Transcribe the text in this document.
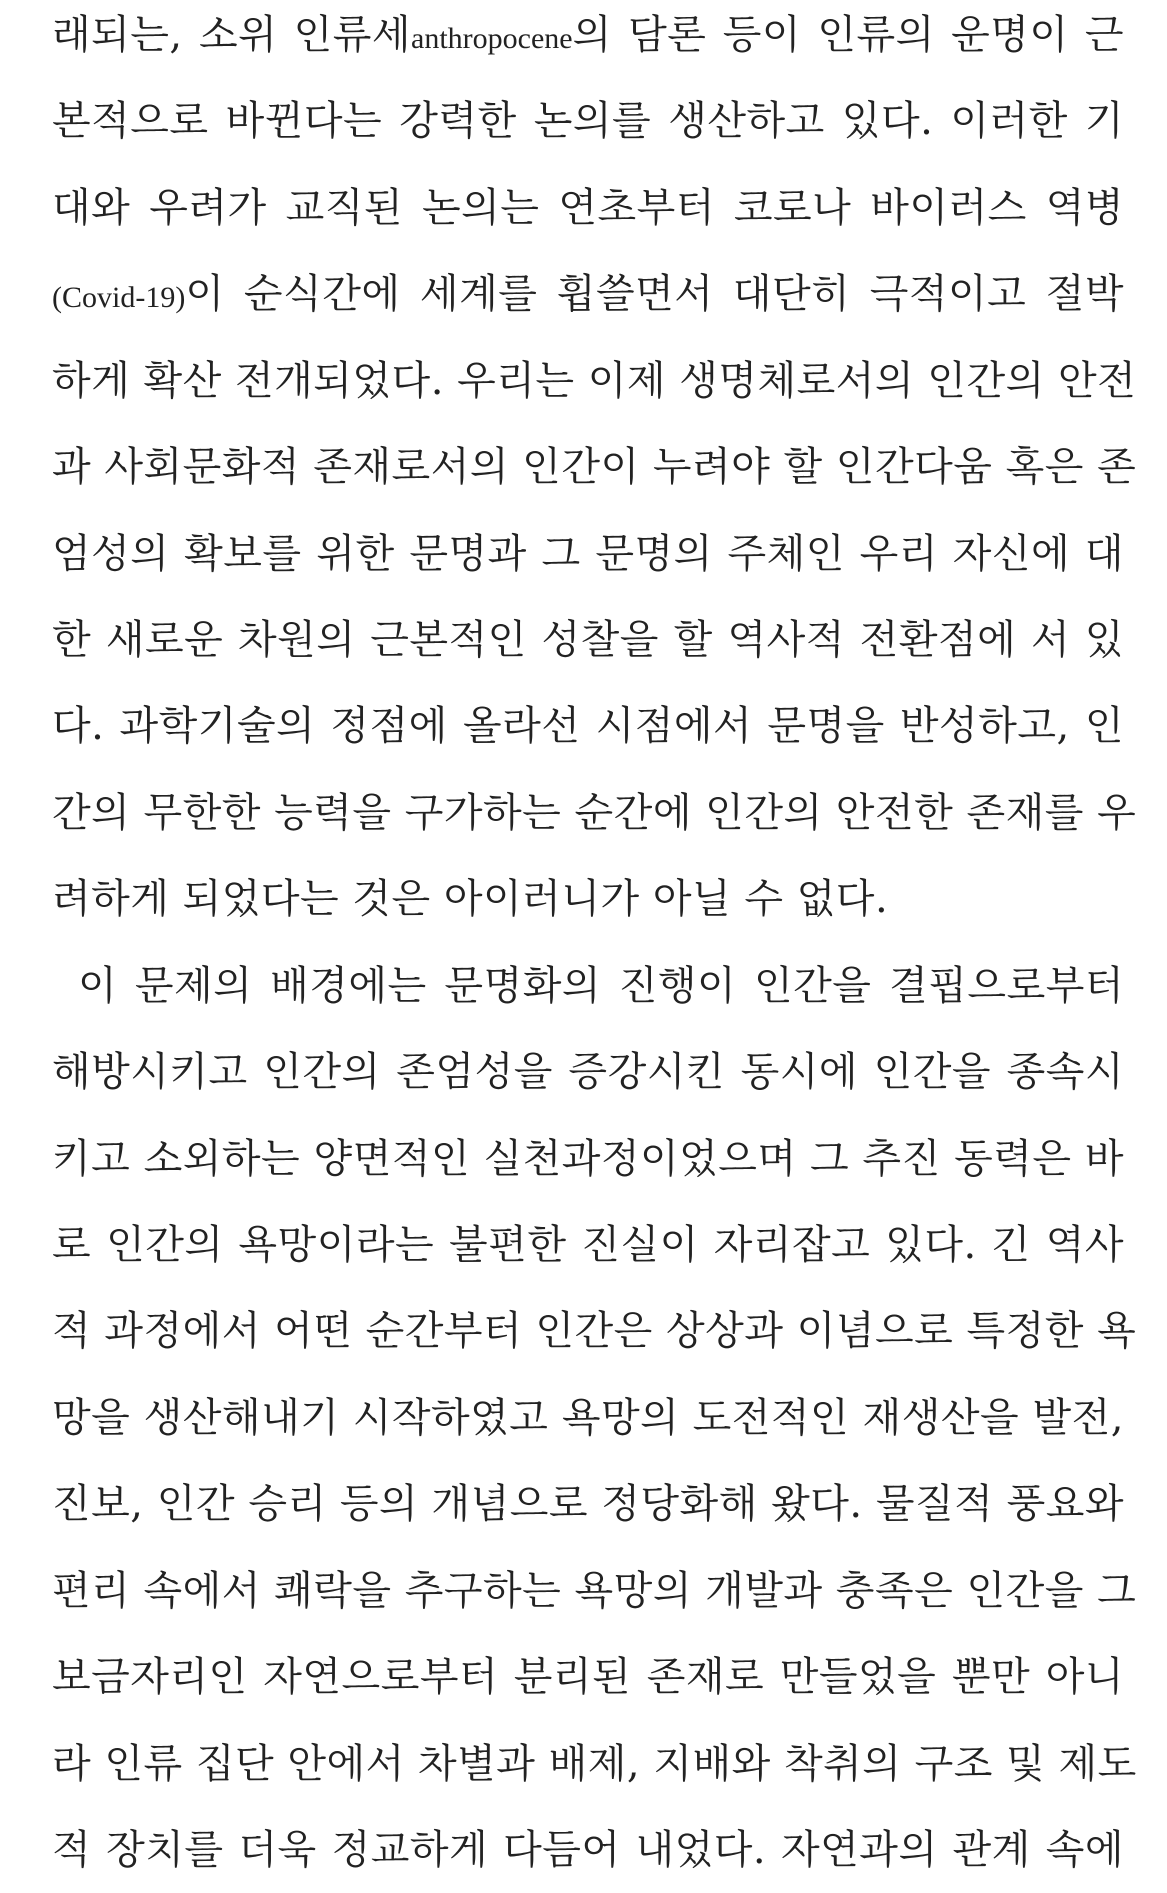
래되는, 소위 인류세anthropocene의 담론 등이 인류의 운명이 근
본적으로 바뀐다는 강력한 논의를 생산하고 있다. 이러한 기
대와 우려가 교직된 논의는 연초부터 코로나 바이러스 역병
(Covid-19)이 순식간에 세계를 휩쓸면서 대단히 극적이고 절박
하게 확산 전개되었다. 우리는 이제 생명체로서의 인간의 안전
과 사회문화적 존재로서의 인간이 누려야 할 인간다움 혹은 존
엄성의 확보를 위한 문명과 그 문명의 주체인 우리 자신에 대
한 새로운 차원의 근본적인 성찰을 할 역사적 전환점에 서 있
다. 과학기술의 정점에 올라선 시점에서 문명을 반성하고, 인
간의 무한한 능력을 구가하는 순간에 인간의 안전한 존재를 우
려하게 되었다는 것은 아이러니가 아닐 수 없다.
이 문제의 배경에는 문명화의 진행이 인간을 결핍으로부터
해방시키고 인간의 존엄성을 증강시킨 동시에 인간을 종속시
키고 소외하는 양면적인 실천과정이었으며 그 추진 동력은 바
로 인간의 욕망이라는 불편한 진실이 자리잡고 있다. 긴 역사
적 과정에서 어떤 순간부터 인간은 상상과 이념으로 특정한 욕
망을 생산해내기 시작하였고 욕망의 도전적인 재생산을 발전,
진보, 인간 승리 등의 개념으로 정당화해 왔다. 물질적 풍요와
편리 속에서 쾌락을 추구하는 욕망의 개발과 충족은 인간을 그
보금자리인 자연으로부터 분리된 존재로 만들었을 뿐만 아니
라 인류 집단 안에서 차별과 배제, 지배와 착취의 구조 및 제도
적 장치를 더욱 정교하게 다듬어 내었다. 자연과의 관계 속에
